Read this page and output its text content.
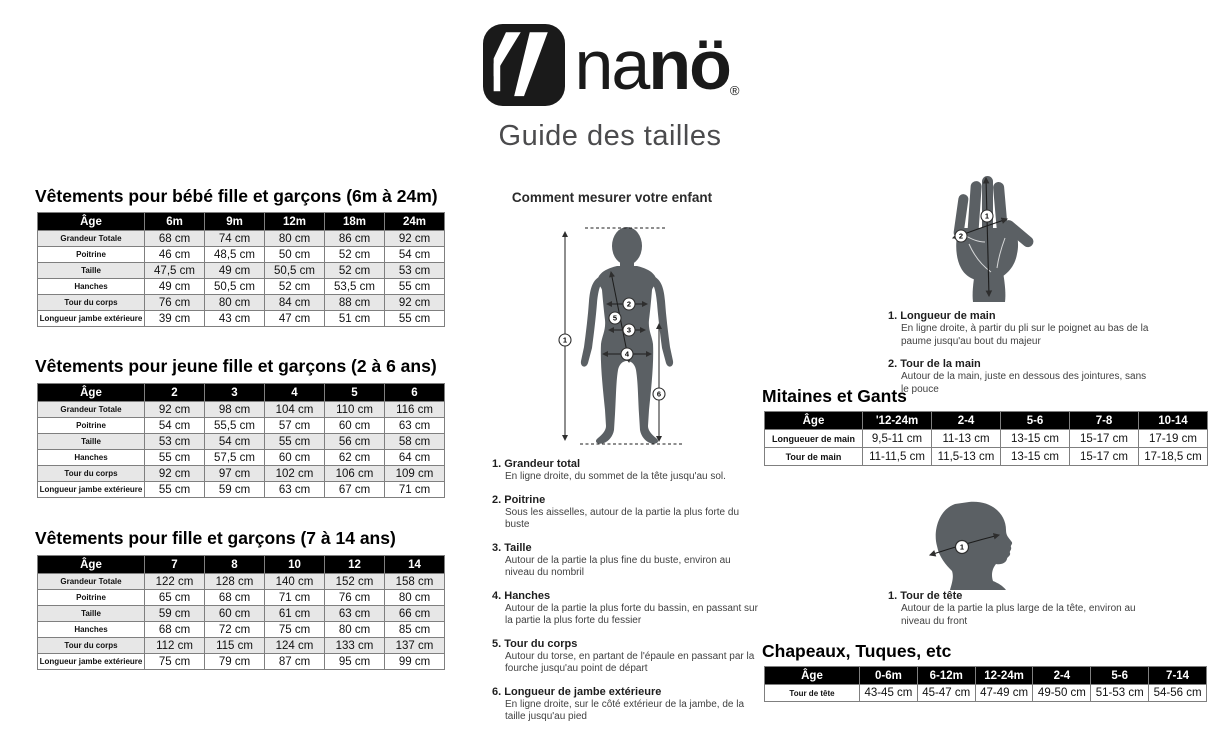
na nö ®
Guide des tailles
Vêtements pour bébé fille et garçons (6m à 24m)
Âge	6m	9m	12m	18m	24m
Grandeur Totale	68 cm	74 cm	80 cm	86 cm	92 cm
Poitrine	46 cm	48,5 cm	50 cm	52 cm	54 cm
Taille	47,5 cm	49 cm	50,5 cm	52 cm	53 cm
Hanches	49 cm	50,5 cm	52 cm	53,5 cm	55 cm
Tour du corps	76 cm	80 cm	84 cm	88 cm	92 cm
Longueur jambe extérieure	39 cm	43 cm	47 cm	51 cm	55 cm
Vêtements pour jeune fille et garçons (2 à 6 ans)
Âge	2	3	4	5	6
Grandeur Totale	92 cm	98 cm	104 cm	110 cm	116 cm
Poitrine	54 cm	55,5 cm	57 cm	60 cm	63 cm
Taille	53 cm	54 cm	55 cm	56 cm	58 cm
Hanches	55 cm	57,5 cm	60 cm	62 cm	64 cm
Tour du corps	92 cm	97 cm	102 cm	106 cm	109 cm
Longueur jambe extérieure	55 cm	59 cm	63 cm	67 cm	71 cm
Vêtements pour fille et garçons (7 à 14 ans)
Âge	7	8	10	12	14
Grandeur Totale	122 cm	128 cm	140 cm	152 cm	158 cm
Poitrine	65 cm	68 cm	71 cm	76 cm	80 cm
Taille	59 cm	60 cm	61 cm	63 cm	66 cm
Hanches	68 cm	72 cm	75 cm	80 cm	85 cm
Tour du corps	112 cm	115 cm	124 cm	133 cm	137 cm
Longueur jambe extérieure	75 cm	79 cm	87 cm	95 cm	99 cm
Comment mesurer votre enfant
1
2
3
4
5
6
1. Grandeur total
En ligne droite, du sommet de la tête jusqu'au sol.
2. Poitrine
Sous les aisselles, autour de la partie la plus forte du buste
3. Taille
Autour de la partie la plus fine du buste, environ au niveau du nombril
4. Hanches
Autour de la partie la plus forte du bassin, en passant sur la partie la plus forte du fessier
5. Tour du corps
Autour du torse, en partant de l'épaule en passant par la fourche jusqu'au point de départ
6. Longueur de jambe extérieure
En ligne droite, sur le côté extérieur de la jambe, de la taille jusqu'au pied
1
2
1. Longueur de main
En ligne droite, à partir du pli sur le poignet au bas de la paume jusqu'au bout du majeur
2. Tour de la main
Autour de la main, juste en dessous des jointures, sans le pouce
Mitaines et Gants
Âge	'12-24m	2-4	5-6	7-8	10-14
Longueuer de main	9,5-11 cm	11-13 cm	13-15 cm	15-17 cm	17-19 cm
Tour de main	11-11,5 cm	11,5-13 cm	13-15 cm	15-17 cm	17-18,5 cm
1
1. Tour de tête
Autour de la partie la plus large de la tête, environ au niveau du front
Chapeaux, Tuques, etc
Âge	0-6m	6-12m	12-24m	2-4	5-6	7-14
Tour de tête	43-45 cm	45-47 cm	47-49 cm	49-50 cm	51-53 cm	54-56 cm
